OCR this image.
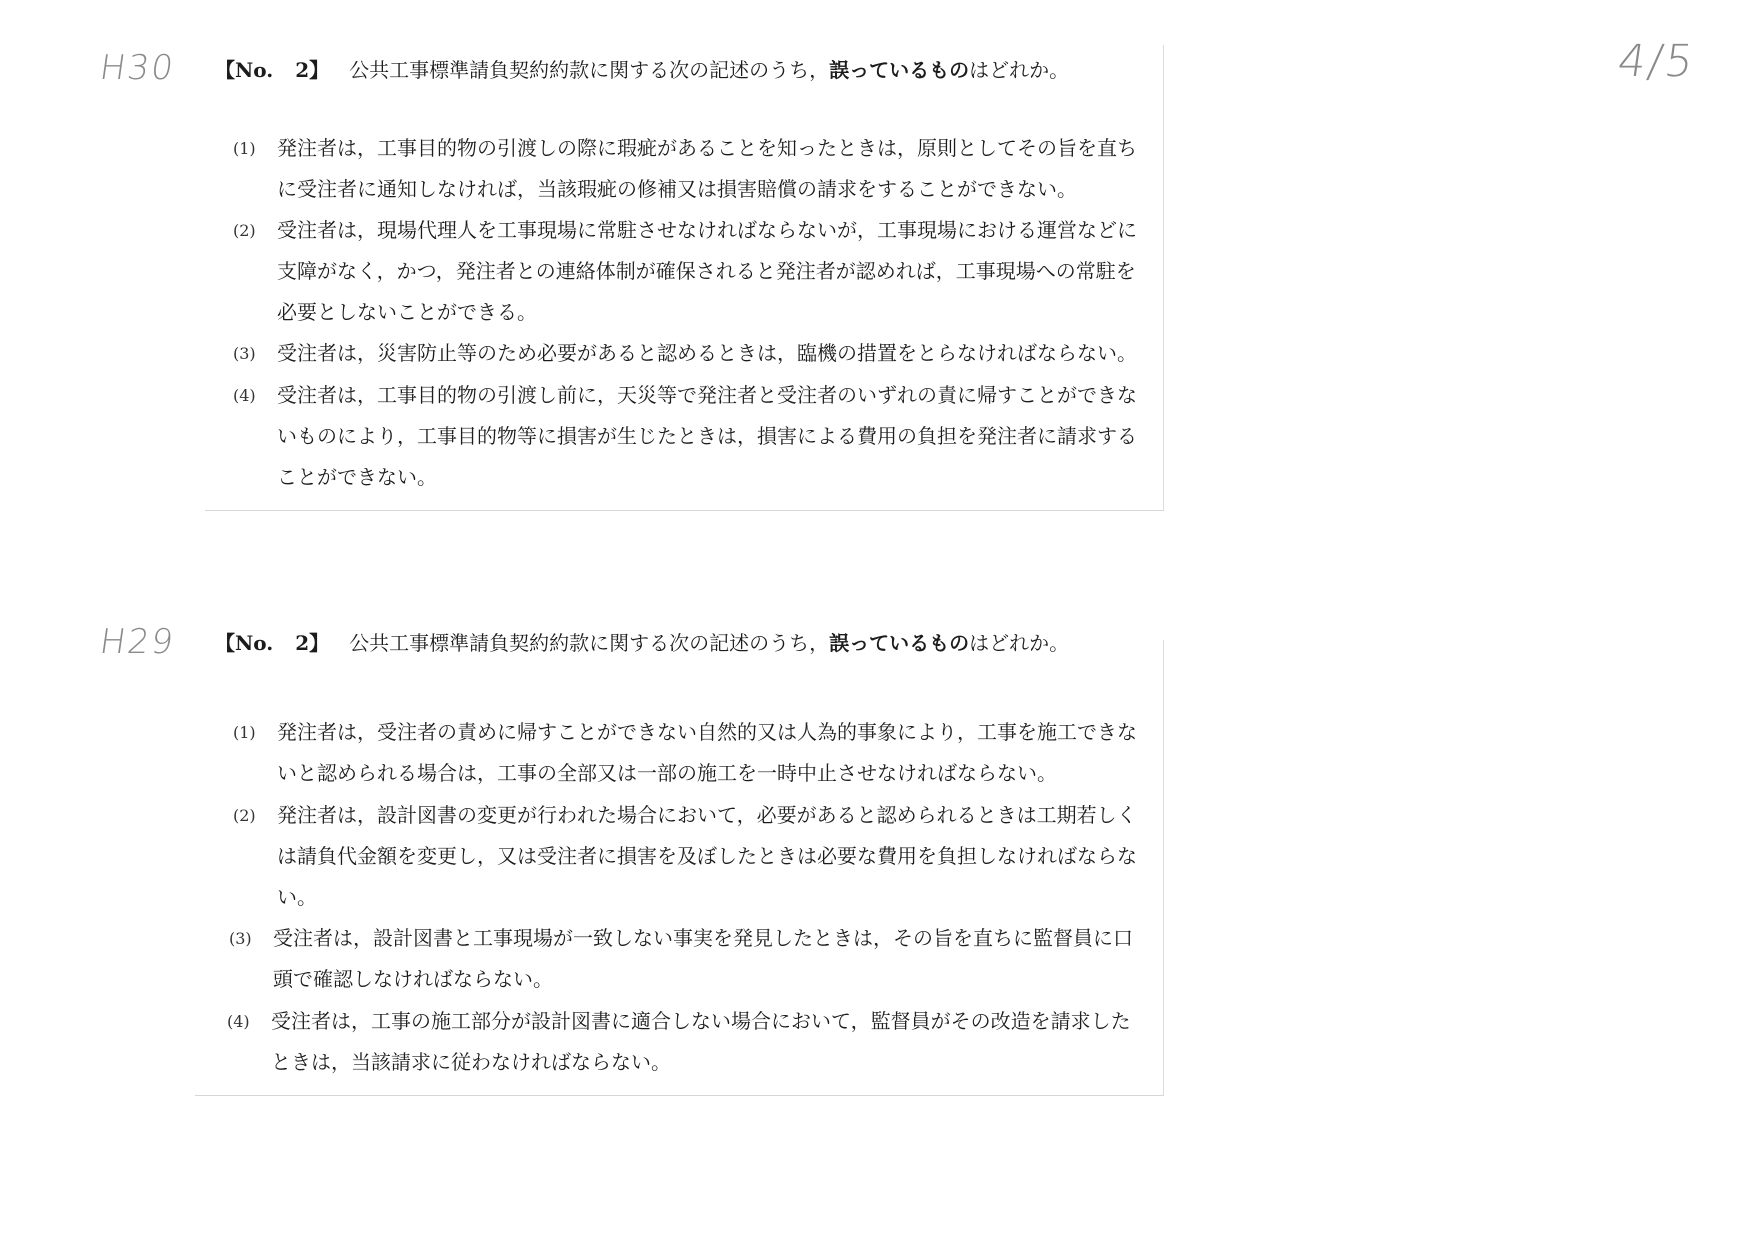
H30
H29
4/5
【No. 2】 公共工事標準請負契約約款に関する次の記述のうち，誤っているものはどれか。
(1) 発注者は，工事目的物の引渡しの際に瑕疵があることを知ったときは，原則としてその旨を直ちに受注者に通知しなければ，当該瑕疵の修補又は損害賠償の請求をすることができない。
(2) 受注者は，現場代理人を工事現場に常駐させなければならないが，工事現場における運営などに支障がなく，かつ，発注者との連絡体制が確保されると発注者が認めれば，工事現場への常駐を必要としないことができる。
(3) 受注者は，災害防止等のため必要があると認めるときは，臨機の措置をとらなければならない。
(4) 受注者は，工事目的物の引渡し前に，天災等で発注者と受注者のいずれの責に帰すことができないものにより，工事目的物等に損害が生じたときは，損害による費用の負担を発注者に請求することができない。
【No. 2】 公共工事標準請負契約約款に関する次の記述のうち，誤っているものはどれか。
(1) 発注者は，受注者の責めに帰すことができない自然的又は人為的事象により，工事を施工できないと認められる場合は，工事の全部又は一部の施工を一時中止させなければならない。
(2) 発注者は，設計図書の変更が行われた場合において，必要があると認められるときは工期若しくは請負代金額を変更し，又は受注者に損害を及ぼしたときは必要な費用を負担しなければならない。
(3) 受注者は，設計図書と工事現場が一致しない事実を発見したときは，その旨を直ちに監督員に口頭で確認しなければならない。
(4) 受注者は，工事の施工部分が設計図書に適合しない場合において，監督員がその改造を請求したときは，当該請求に従わなければならない。
